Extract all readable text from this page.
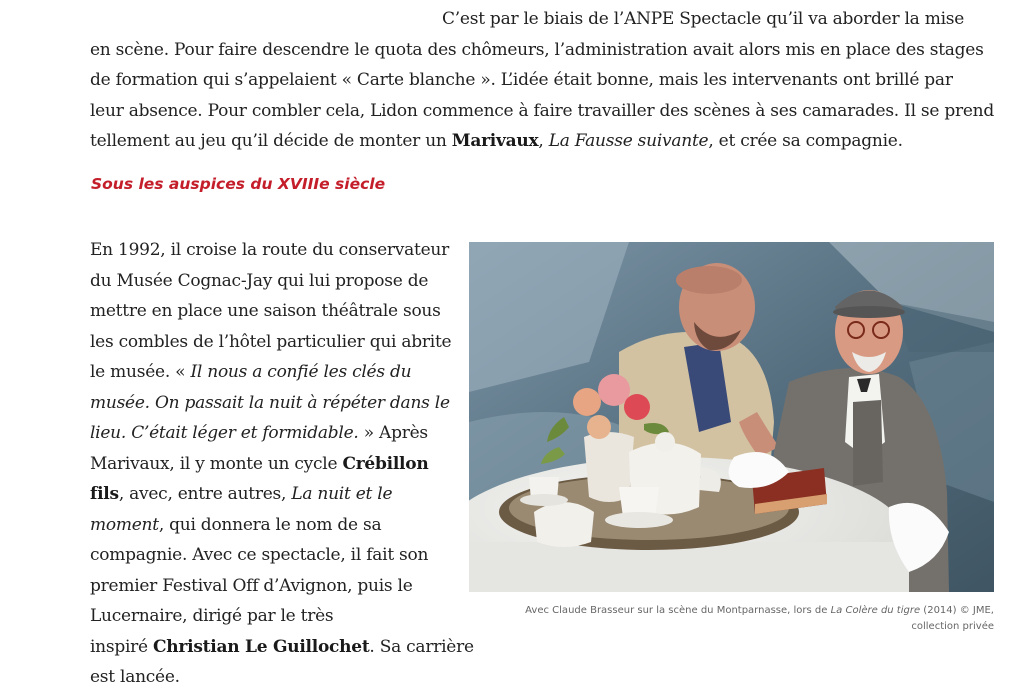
C’est par le biais de l’ANPE Spectacle qu’il va aborder la mise
en scène. Pour faire descendre le quota des chômeurs, l’administration avait alors mis en place des stages
de formation qui s’appelaient « Carte blanche ». L’idée était bonne, mais les intervenants ont brillé par
leur absence. Pour combler cela, Lidon commence à faire travailler des scènes à ses camarades. Il se prend
tellement au jeu qu’il décide de monter un Marivaux, La Fausse suivante, et crée sa compagnie.
Sous les auspices du XVIIIe siècle
En 1992, il croise la route du conservateur
du Musée Cognac-Jay qui lui propose de
mettre en place une saison théâtrale sous
les combles de l’hôtel particulier qui abrite
le musée. « Il nous a confié les clés du
musée. On passait la nuit à répéter dans le
lieu. C’était léger et formidable. » Après
Marivaux, il y monte un cycle Crébillon
fils, avec, entre autres, La nuit et le
moment, qui donnera le nom de sa
compagnie. Avec ce spectacle, il fait son
premier Festival Off d’Avignon, puis le
Lucernaire, dirigé par le très
inspiré Christian Le Guillochet. Sa carrière
est lancée.
Avec Claude Brasseur sur la scène du Montparnasse, lors de La Colère du tigre (2014) © JME,
collection privée
